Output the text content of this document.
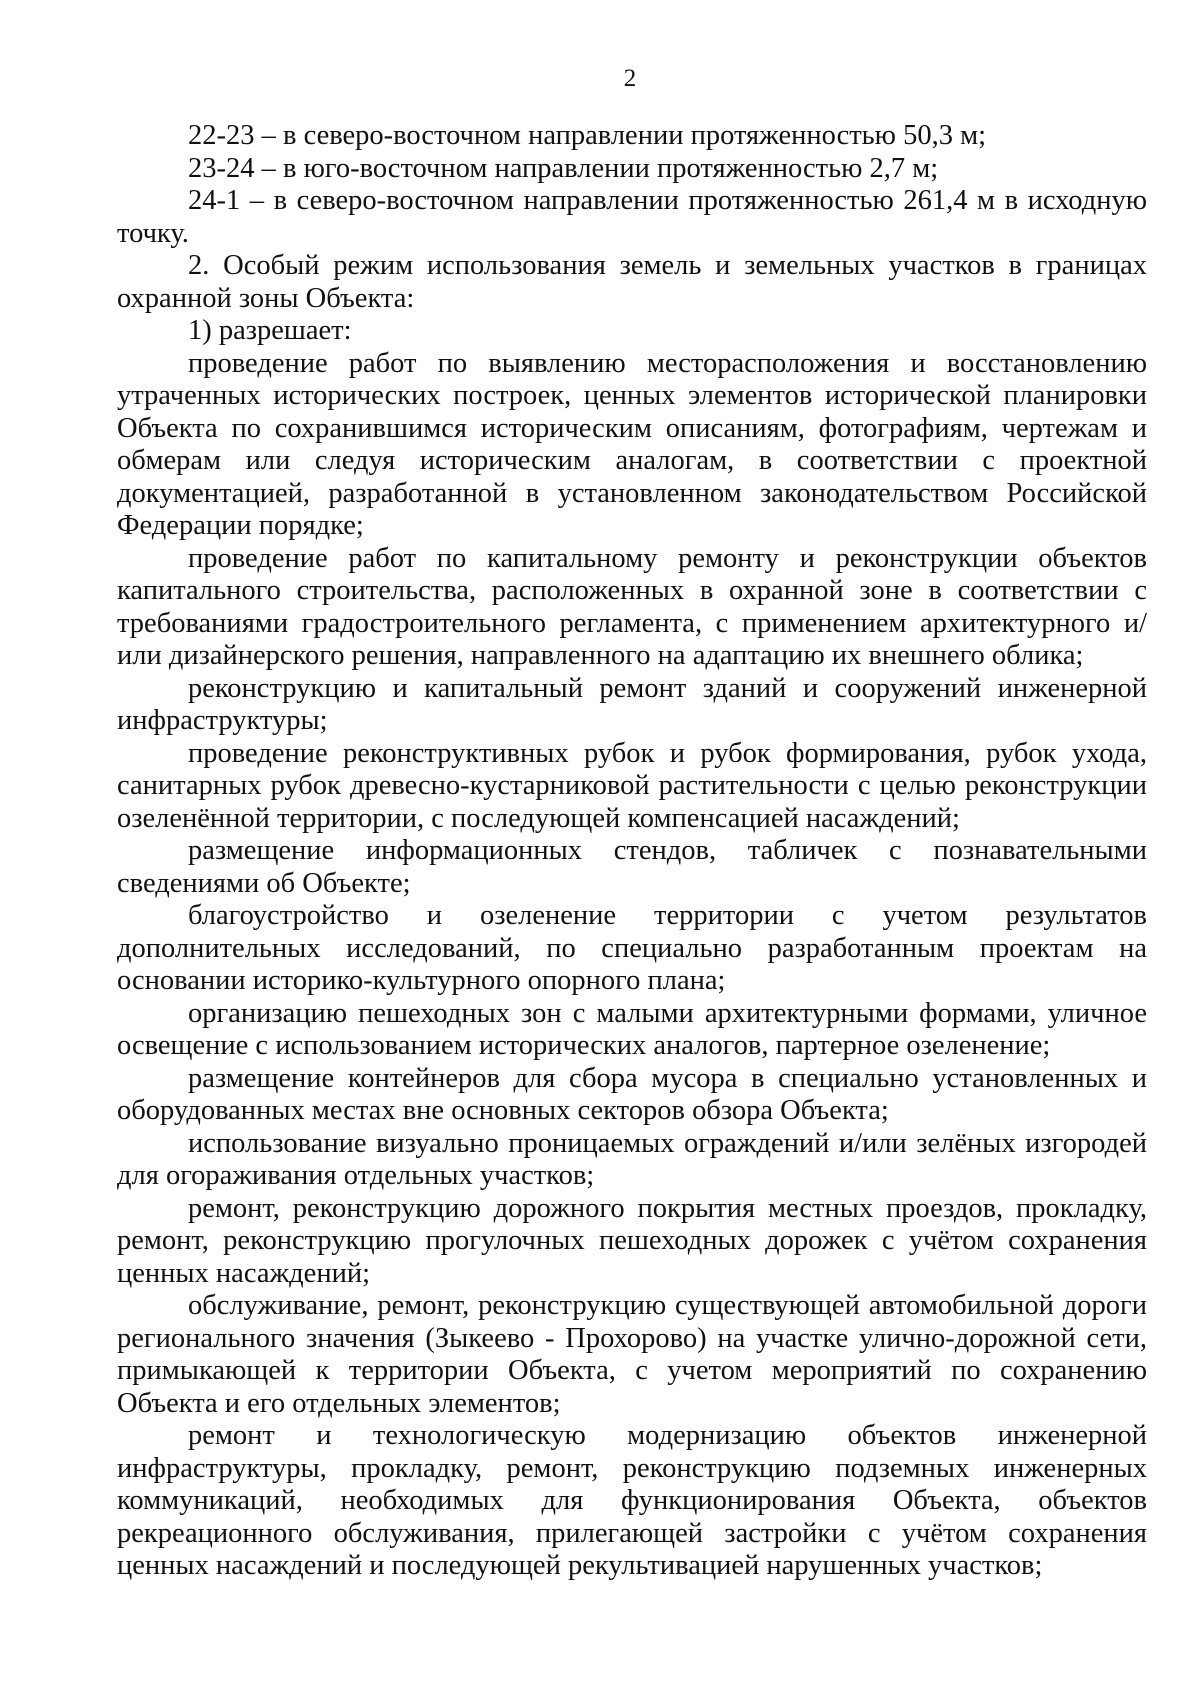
2

22-23 – в северо-восточном направлении протяженностью 50,3 м;

23-24 – в юго-восточном направлении протяженностью 2,7 м;

24-1 – в северо-восточном направлении протяженностью 261,4 м в исходную точку.

2. Особый режим использования земель и земельных участков в границах охранной зоны Объекта:

1) разрешает:

проведение работ по выявлению месторасположения и восстановлению утраченных исторических построек, ценных элементов исторической планировки Объекта по сохранившимся историческим описаниям, фотографиям, чертежам и обмерам или следуя историческим аналогам, в соответствии с проектной документацией, разработанной в установленном законодательством Российской Федерации порядке;

проведение работ по капитальному ремонту и реконструкции объектов капитального строительства, расположенных в охранной зоне в соответствии с требованиями градостроительного регламента, с применением архитектурного и/или дизайнерского решения, направленного на адаптацию их внешнего облика;

реконструкцию и капитальный ремонт зданий и сооружений инженерной инфраструктуры;

проведение реконструктивных рубок и рубок формирования, рубок ухода, санитарных рубок древесно-кустарниковой растительности с целью реконструкции озеленённой территории, с последующей компенсацией насаждений;

размещение информационных стендов, табличек с познавательными сведениями об Объекте;

благоустройство и озеленение территории с учетом результатов дополнительных исследований, по специально разработанным проектам на основании историко-культурного опорного плана;

организацию пешеходных зон с малыми архитектурными формами, уличное освещение с использованием исторических аналогов, партерное озеленение;

размещение контейнеров для сбора мусора в специально установленных и оборудованных местах вне основных секторов обзора Объекта;

использование визуально проницаемых ограждений и/или зелёных изгородей для огораживания отдельных участков;

ремонт, реконструкцию дорожного покрытия местных проездов, прокладку, ремонт, реконструкцию прогулочных пешеходных дорожек с учётом сохранения ценных насаждений;

обслуживание, ремонт, реконструкцию существующей автомобильной дороги регионального значения (Зыкеево - Прохорово) на участке улично-дорожной сети, примыкающей к территории Объекта, с учетом мероприятий по сохранению Объекта и его отдельных элементов;

ремонт и технологическую модернизацию объектов инженерной инфраструктуры, прокладку, ремонт, реконструкцию подземных инженерных коммуникаций, необходимых для функционирования Объекта, объектов рекреационного обслуживания, прилегающей застройки с учётом сохранения ценных насаждений и последующей рекультивацией нарушенных участков;
